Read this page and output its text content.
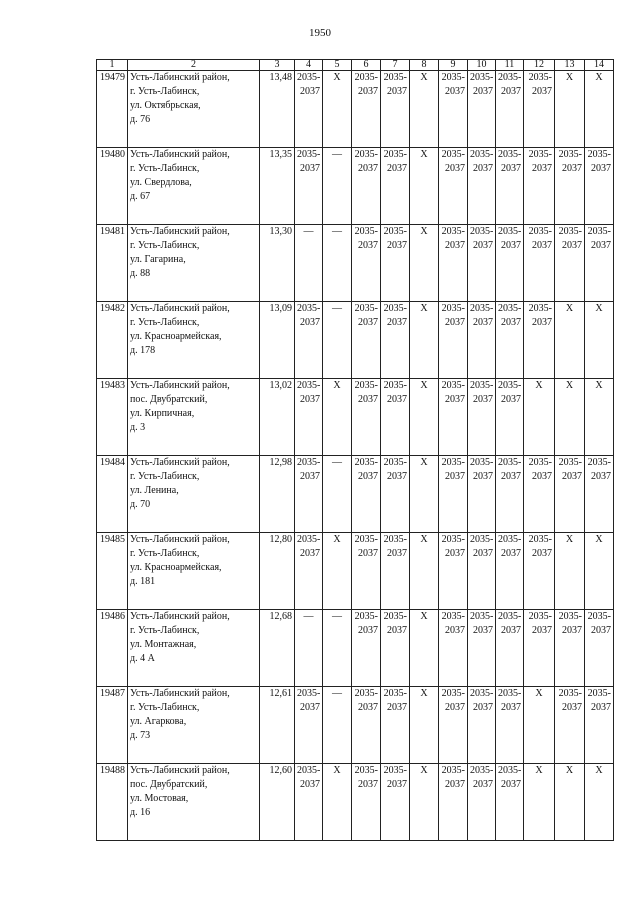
1950
1	2	3	4	5	6	7	8	9	10	11	12	13	14
19479	Усть-Лабинский район,
г. Усть-Лабинск,
ул. Октябрьская,
д. 76	13,48	2035-
2037	X	2035-
2037	2035-
2037	X	2035-
2037	2035-
2037	2035-
2037	2035-
2037	X	X
19480	Усть-Лабинский район,
г. Усть-Лабинск,
ул. Свердлова,
д. 67	13,35	2035-
2037	—	2035-
2037	2035-
2037	X	2035-
2037	2035-
2037	2035-
2037	2035-
2037	2035-
2037	2035-
2037
19481	Усть-Лабинский район,
г. Усть-Лабинск,
ул. Гагарина,
д. 88	13,30	—	—	2035-
2037	2035-
2037	X	2035-
2037	2035-
2037	2035-
2037	2035-
2037	2035-
2037	2035-
2037
19482	Усть-Лабинский район,
г. Усть-Лабинск,
ул. Красноармейская,
д. 178	13,09	2035-
2037	—	2035-
2037	2035-
2037	X	2035-
2037	2035-
2037	2035-
2037	2035-
2037	X	X
19483	Усть-Лабинский район,
пос. Двубратский,
ул. Кирпичная,
д. 3	13,02	2035-
2037	X	2035-
2037	2035-
2037	X	2035-
2037	2035-
2037	2035-
2037	X	X	X
19484	Усть-Лабинский район,
г. Усть-Лабинск,
ул. Ленина,
д. 70	12,98	2035-
2037	—	2035-
2037	2035-
2037	X	2035-
2037	2035-
2037	2035-
2037	2035-
2037	2035-
2037	2035-
2037
19485	Усть-Лабинский район,
г. Усть-Лабинск,
ул. Красноармейская,
д. 181	12,80	2035-
2037	X	2035-
2037	2035-
2037	X	2035-
2037	2035-
2037	2035-
2037	2035-
2037	X	X
19486	Усть-Лабинский район,
г. Усть-Лабинск,
ул. Монтажная,
д. 4 А	12,68	—	—	2035-
2037	2035-
2037	X	2035-
2037	2035-
2037	2035-
2037	2035-
2037	2035-
2037	2035-
2037
19487	Усть-Лабинский район,
г. Усть-Лабинск,
ул. Агаркова,
д. 73	12,61	2035-
2037	—	2035-
2037	2035-
2037	X	2035-
2037	2035-
2037	2035-
2037	X	2035-
2037	2035-
2037
19488	Усть-Лабинский район,
пос. Двубратский,
ул. Мостовая,
д. 16	12,60	2035-
2037	X	2035-
2037	2035-
2037	X	2035-
2037	2035-
2037	2035-
2037	X	X	X
